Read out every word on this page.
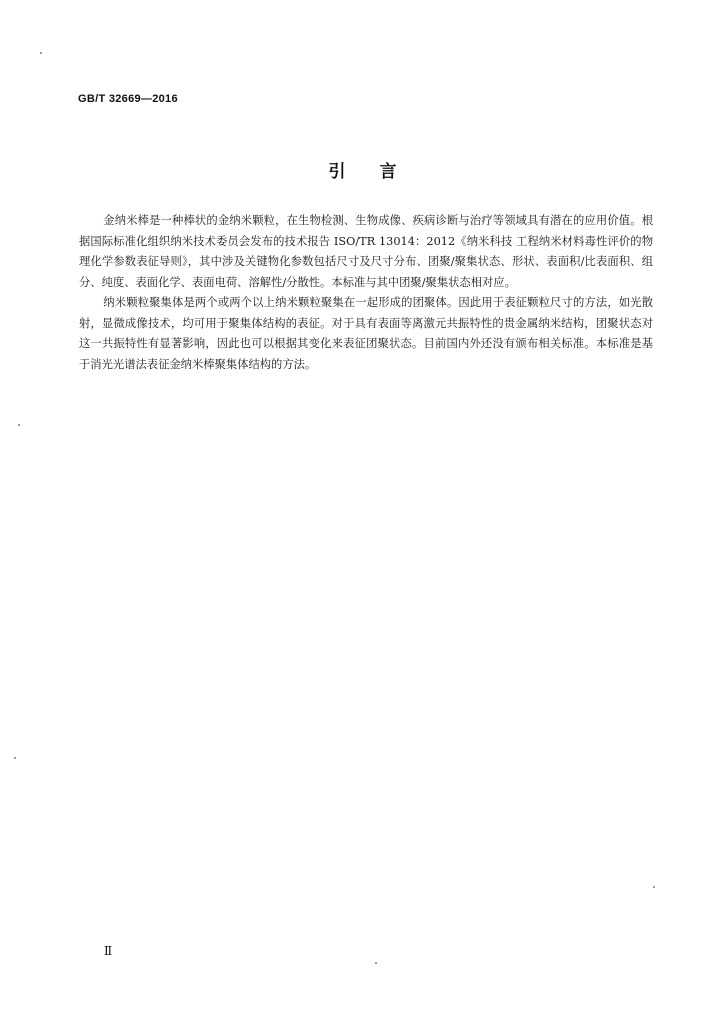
GB/T 32669—2016
引言

金纳米棒是一种棒状的金纳米颗粒，在生物检测、生物成像、疾病诊断与治疗等领域具有潜在的应用价值。根据国际标准化组织纳米技术委员会发布的技术报告 ISO/TR 13014：2012《纳米科技 工程纳米材料毒性评价的物理化学参数表征导则》，其中涉及关键物化参数包括尺寸及尺寸分布、团聚/聚集状态、形状、表面积/比表面积、组分、纯度、表面化学、表面电荷、溶解性/分散性。本标准与其中团聚/聚集状态相对应。

纳米颗粒聚集体是两个或两个以上纳米颗粒聚集在一起形成的团聚体。因此用于表征颗粒尺寸的方法，如光散射，显微成像技术，均可用于聚集体结构的表征。对于具有表面等离激元共振特性的贵金属纳米结构，团聚状态对这一共振特性有显著影响，因此也可以根据其变化来表征团聚状态。目前国内外还没有颁布相关标准。本标准是基于消光光谱法表征金纳米棒聚集体结构的方法。

Ⅱ
